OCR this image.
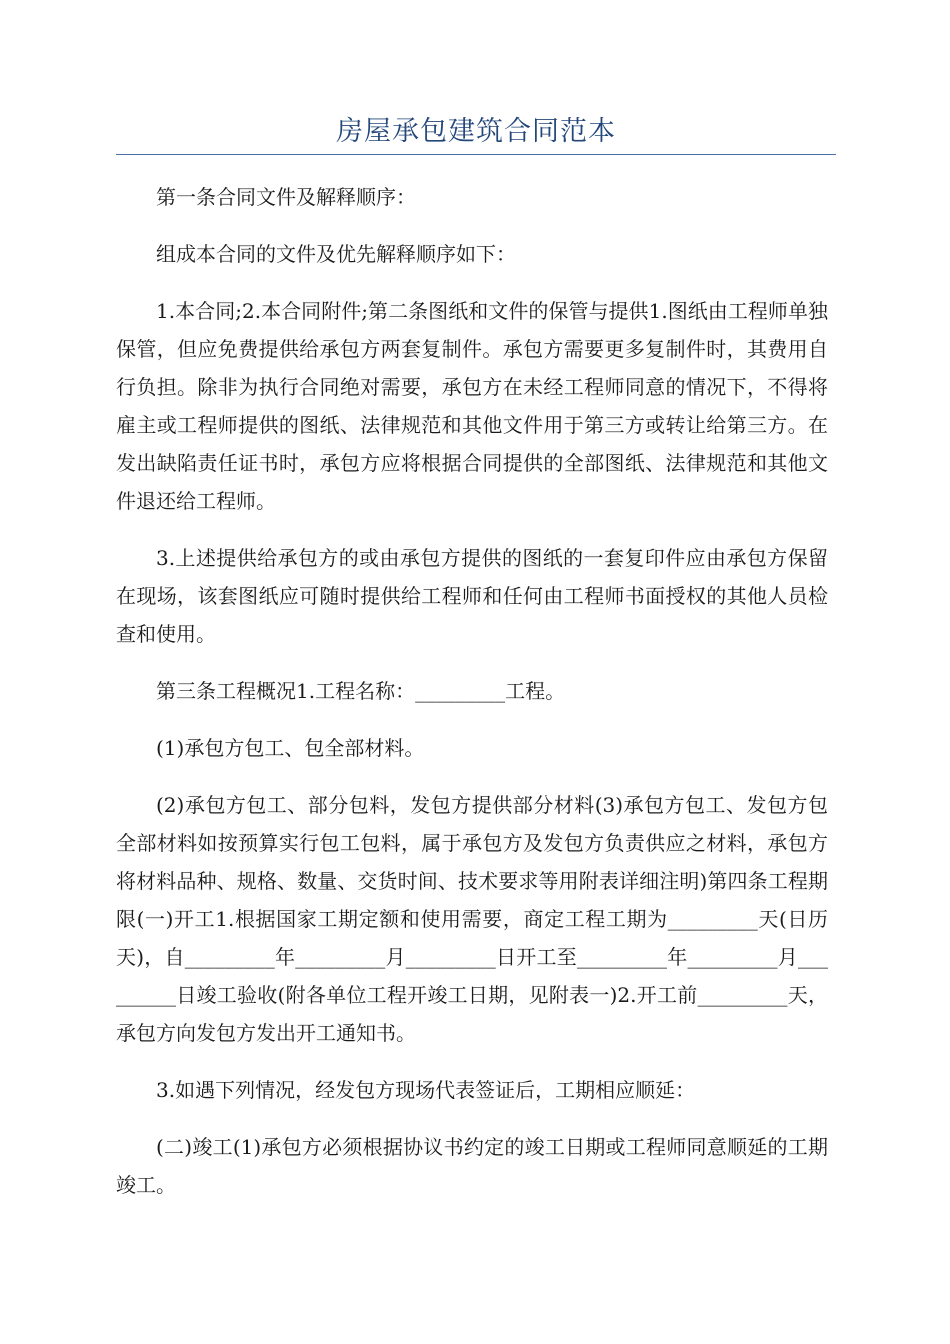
房屋承包建筑合同范本

第一条合同文件及解释顺序：

组成本合同的文件及优先解释顺序如下：

1.本合同;2.本合同附件;第二条图纸和文件的保管与提供1.图纸由工程师单独保管，但应免费提供给承包方两套复制件。承包方需要更多复制件时，其费用自行负担。除非为执行合同绝对需要，承包方在未经工程师同意的情况下，不得将雇主或工程师提供的图纸、法律规范和其他文件用于第三方或转让给第三方。在发出缺陷责任证书时，承包方应将根据合同提供的全部图纸、法律规范和其他文件退还给工程师。

3.上述提供给承包方的或由承包方提供的图纸的一套复印件应由承包方保留在现场，该套图纸应可随时提供给工程师和任何由工程师书面授权的其他人员检查和使用。

第三条工程概况1.工程名称：_________工程。

(1)承包方包工、包全部材料。

(2)承包方包工、部分包料，发包方提供部分材料(3)承包方包工、发包方包全部材料如按预算实行包工包料，属于承包方及发包方负责供应之材料，承包方将材料品种、规格、数量、交货时间、技术要求等用附表详细注明)第四条工程期限(一)开工1.根据国家工期定额和使用需要，商定工程工期为_________天(日历天)，自_________年_________月_________日开工至_________年_________月_________日竣工验收(附各单位工程开竣工日期，见附表一)2.开工前_________天，承包方向发包方发出开工通知书。

3.如遇下列情况，经发包方现场代表签证后，工期相应顺延：

(二)竣工(1)承包方必须根据协议书约定的竣工日期或工程师同意顺延的工期竣工。
